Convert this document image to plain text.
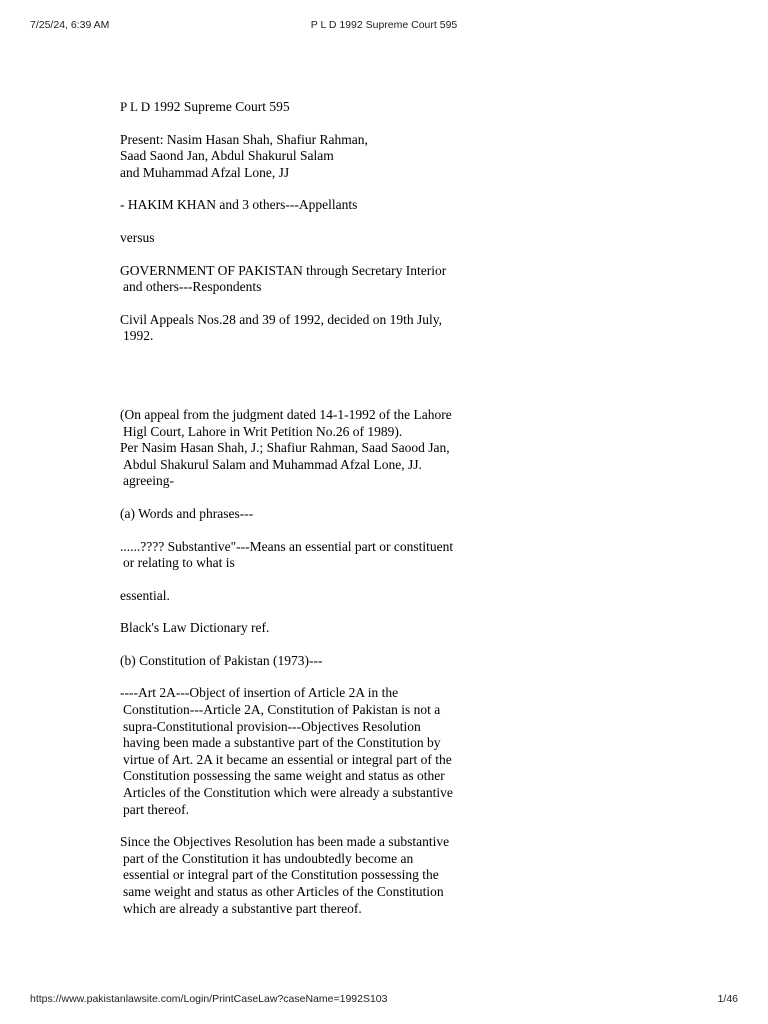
P L D 1992 Supreme Court 595
7/25/24, 6:39 AM

P L D 1992 Supreme Court 595

Present: Nasim Hasan Shah, Shafiur Rahman,
Saad Saond Jan, Abdul Shakurul Salam
and Muhammad Afzal Lone, JJ

- HAKIM KHAN and 3 others---Appellants

versus

GOVERNMENT OF PAKISTAN through Secretary Interior
and others---Respondents

Civil Appeals Nos.28 and 39 of 1992, decided on 19th July,
1992.

(On appeal from the judgment dated 14-1-1992 of the Lahore
Higl Court, Lahore in Writ Petition No.26 of 1989).

Per Nasim Hasan Shah, J.; Shafiur Rahman, Saad Saood Jan,
Abdul Shakurul Salam and Muhammad Afzal Lone, JJ.
agreeing-

(a) Words and phrases---

......???? Substantive"---Means an essential part or constituent
or relating to what is

essential.

Black's Law Dictionary ref.

(b) Constitution of Pakistan (1973)---

----Art 2A---Object of insertion of Article 2A in the
Constitution---Article 2A, Constitution of Pakistan is not a
supra-Constitutional provision---Objectives Resolution
having been made a substantive part of the Constitution by
virtue of Art. 2A it became an essential or integral part of the
Constitution possessing the same weight and status as other
Articles of the Constitution which were already a substantive
part thereof.

Since the Objectives Resolution has been made a substantive
part of the Constitution it has undoubtedly become an
essential or integral part of the Constitution possessing the
same weight and status as other Articles of the Constitution
which are already a substantive part thereof.

https://www.pakistanlawsite.com/Login/PrintCaseLaw?caseName=1992S103	1/46
